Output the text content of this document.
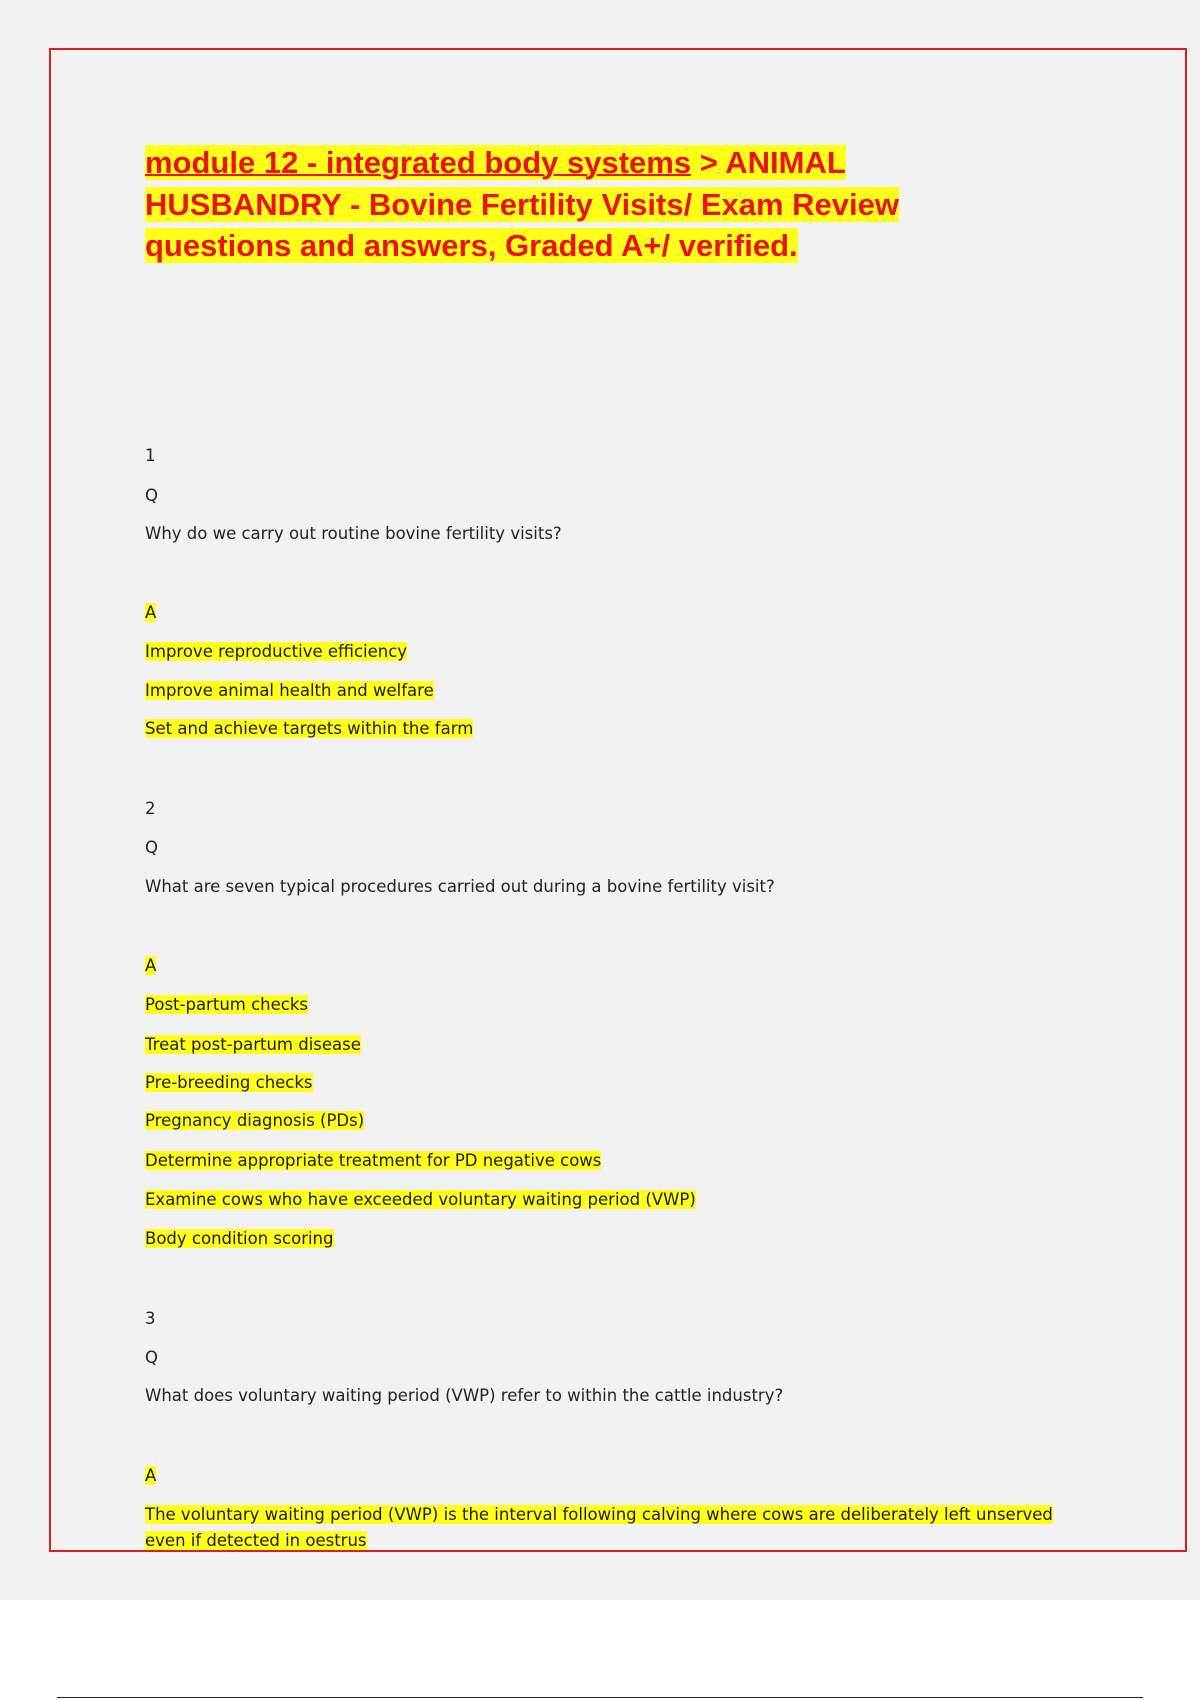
module 12 - integrated body systems > ANIMAL HUSBANDRY - Bovine Fertility Visits/ Exam Review questions and answers, Graded A+/ verified.
1
Q
Why do we carry out routine bovine fertility visits?
A
Improve reproductive efficiency
Improve animal health and welfare
Set and achieve targets within the farm
2
Q
What are seven typical procedures carried out during a bovine fertility visit?
A
Post-partum checks
Treat post-partum disease
Pre-breeding checks
Pregnancy diagnosis (PDs)
Determine appropriate treatment for PD negative cows
Examine cows who have exceeded voluntary waiting period (VWP)
Body condition scoring
3
Q
What does voluntary waiting period (VWP) refer to within the cattle industry?
A
The voluntary waiting period (VWP) is the interval following calving where cows are deliberately left unserved even if detected in oestrus
